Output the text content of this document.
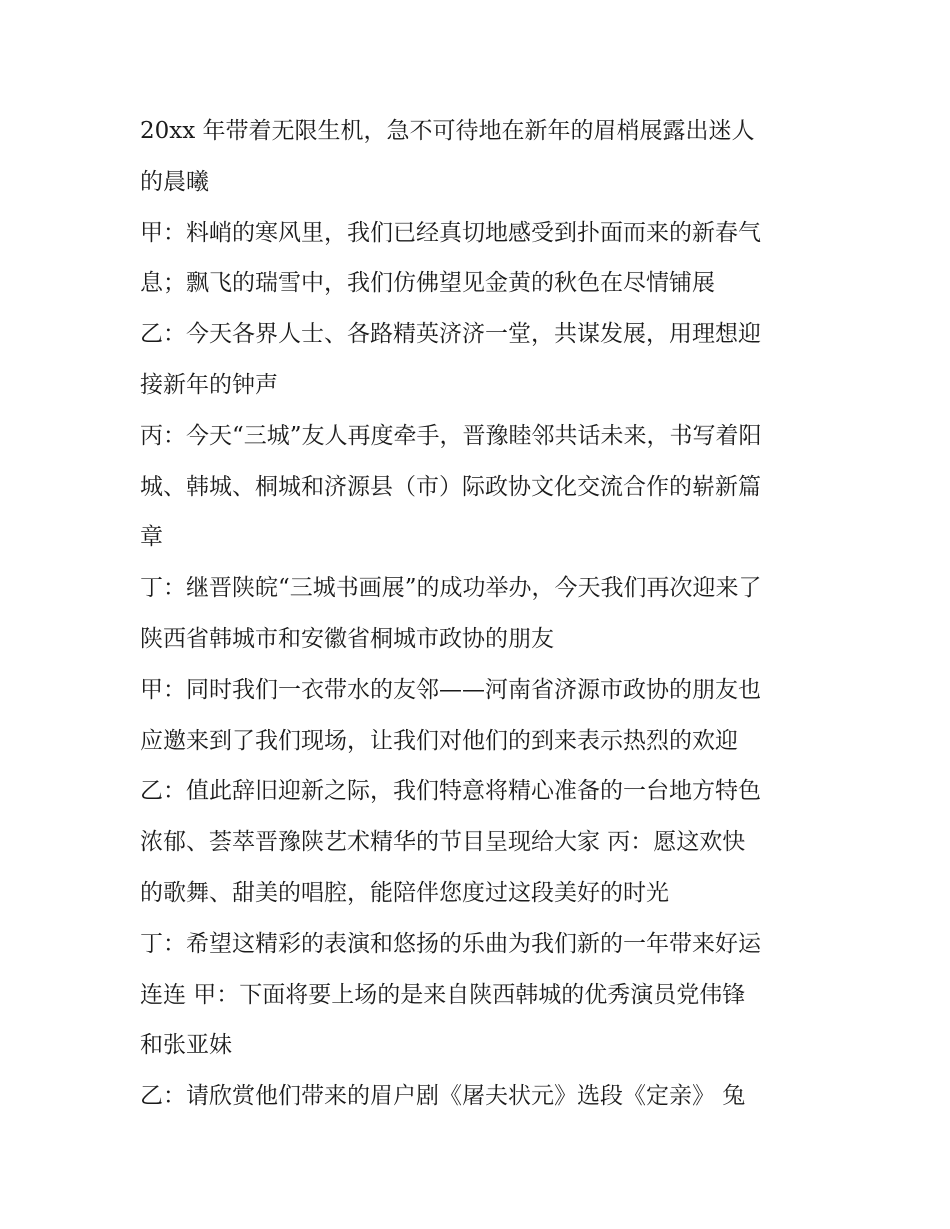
20xx 年带着无限生机，急不可待地在新年的眉梢展露出迷人
的晨曦
甲：料峭的寒风里，我们已经真切地感受到扑面而来的新春气
息；飘飞的瑞雪中，我们仿佛望见金黄的秋色在尽情铺展
乙：今天各界人士、各路精英济济一堂，共谋发展，用理想迎
接新年的钟声
丙：今天“三城”友人再度牵手，晋豫睦邻共话未来，书写着阳
城、韩城、桐城和济源县（市）际政协文化交流合作的崭新篇
章
丁：继晋陕皖“三城书画展”的成功举办，今天我们再次迎来了
陕西省韩城市和安徽省桐城市政协的朋友
甲：同时我们一衣带水的友邻——河南省济源市政协的朋友也
应邀来到了我们现场，让我们对他们的到来表示热烈的欢迎
乙：值此辞旧迎新之际，我们特意将精心准备的一台地方特色
浓郁、荟萃晋豫陕艺术精华的节目呈现给大家 丙：愿这欢快
的歌舞、甜美的唱腔，能陪伴您度过这段美好的时光
丁：希望这精彩的表演和悠扬的乐曲为我们新的一年带来好运
连连 甲：下面将要上场的是来自陕西韩城的优秀演员党伟锋
和张亚妹
乙：请欣赏他们带来的眉户剧《屠夫状元》选段《定亲》 兔
